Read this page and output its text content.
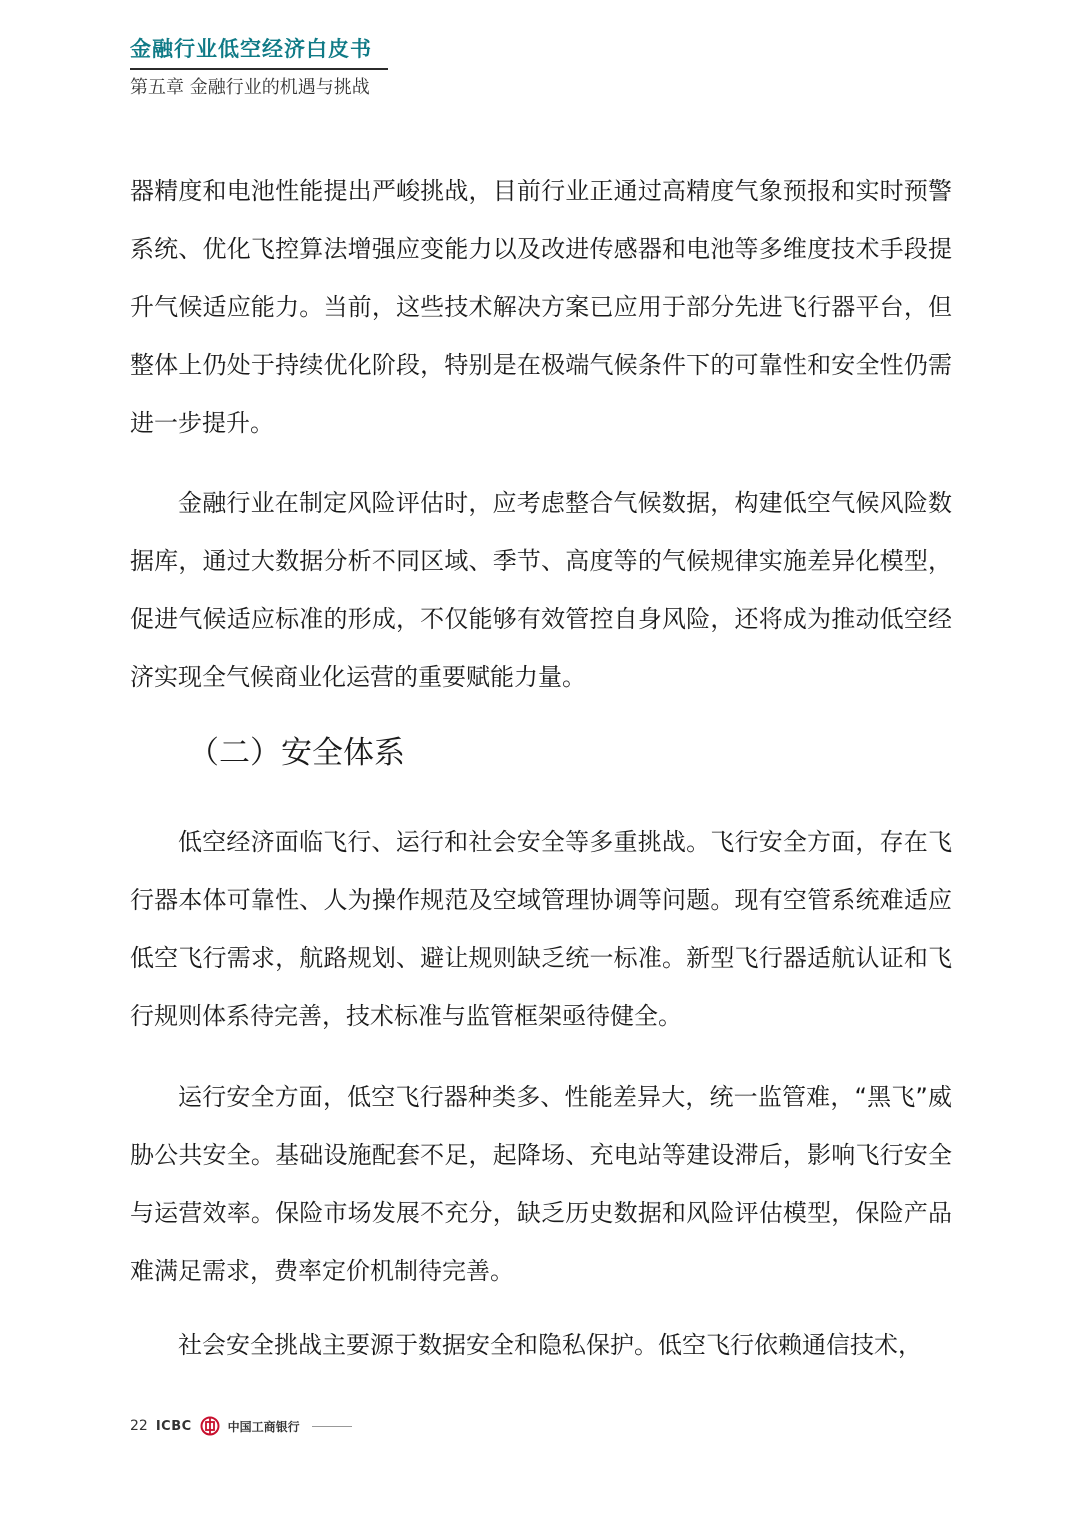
金融行业低空经济白皮书
第五章 金融行业的机遇与挑战

器精度和电池性能提出严峻挑战，目前行业正通过高精度气象预报和实时预警系统、优化飞控算法增强应变能力以及改进传感器和电池等多维度技术手段提升气候适应能力。当前，这些技术解决方案已应用于部分先进飞行器平台，但整体上仍处于持续优化阶段，特别是在极端气候条件下的可靠性和安全性仍需进一步提升。

金融行业在制定风险评估时，应考虑整合气候数据，构建低空气候风险数据库，通过大数据分析不同区域、季节、高度等的气候规律实施差异化模型，促进气候适应标准的形成，不仅能够有效管控自身风险，还将成为推动低空经济实现全气候商业化运营的重要赋能力量。

（二）安全体系

低空经济面临飞行、运行和社会安全等多重挑战。飞行安全方面，存在飞行器本体可靠性、人为操作规范及空域管理协调等问题。现有空管系统难适应低空飞行需求，航路规划、避让规则缺乏统一标准。新型飞行器适航认证和飞行规则体系待完善，技术标准与监管框架亟待健全。

运行安全方面，低空飞行器种类多、性能差异大，统一监管难，“黑飞”威胁公共安全。基础设施配套不足，起降场、充电站等建设滞后，影响飞行安全与运营效率。保险市场发展不充分，缺乏历史数据和风险评估模型，保险产品难满足需求，费率定价机制待完善。

社会安全挑战主要源于数据安全和隐私保护。低空飞行依赖通信技术，

22 ICBC	中国工商银行
